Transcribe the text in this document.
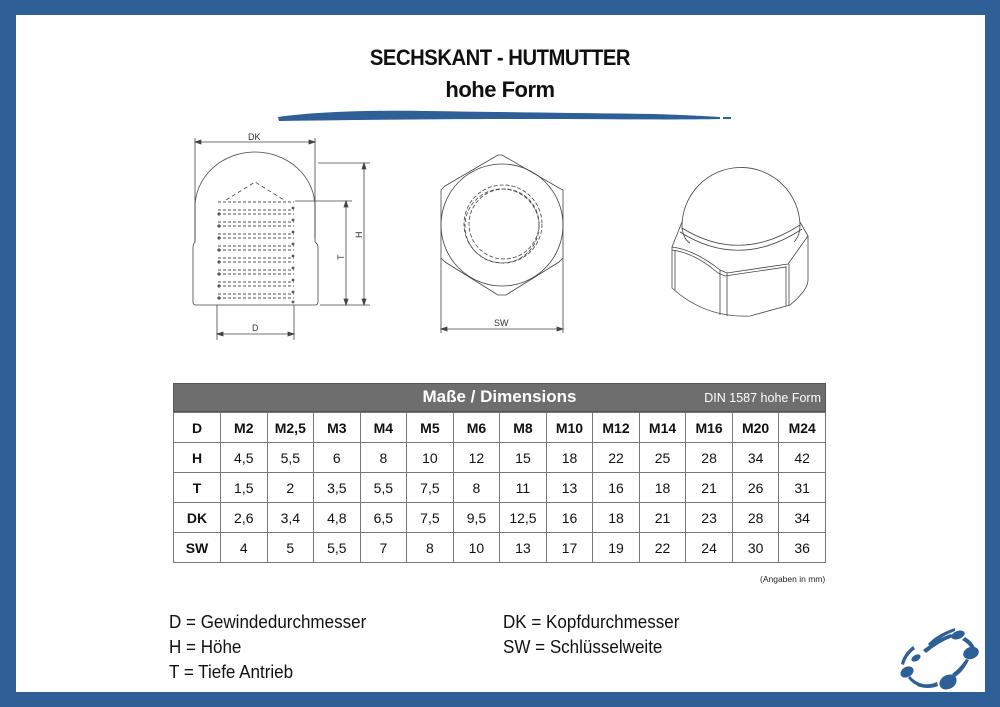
SECHSKANT - HUTMUTTER
hohe Form
DK
D
H
T
SW
Maße / Dimensions	DIN 1587 hohe Form
D	M2	M2,5	M3	M4	M5	M6	M8	M10	M12	M14	M16	M20	M24
H	4,5	5,5	6	8	10	12	15	18	22	25	28	34	42
T	1,5	2	3,5	5,5	7,5	8	11	13	16	18	21	26	31
DK	2,6	3,4	4,8	6,5	7,5	9,5	12,5	16	18	21	23	28	34
SW	4	5	5,5	7	8	10	13	17	19	22	24	30	36
(Angaben in mm)
D = Gewindedurchmesser
H = Höhe
T = Tiefe Antrieb
DK = Kopfdurchmesser
SW = Schlüsselweite
